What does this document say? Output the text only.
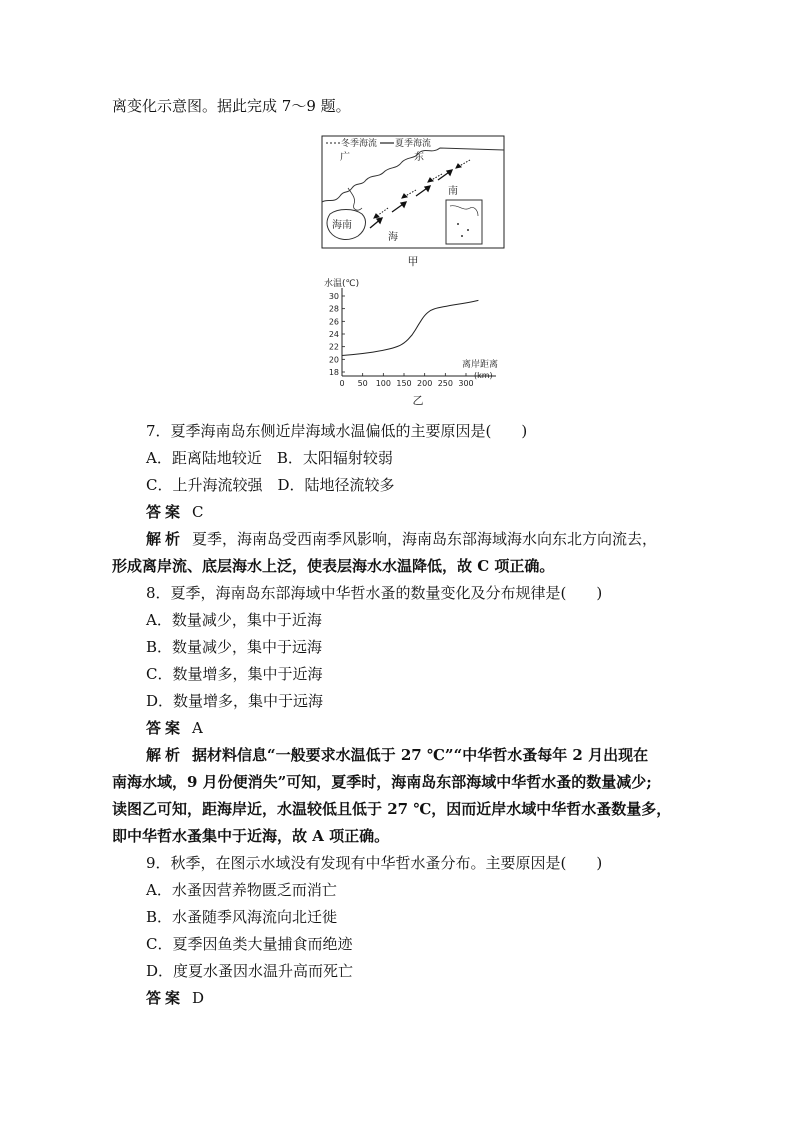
离变化示意图。据此完成 7～9 题。
冬季海流 夏季海流
广	东
海南
南
海
甲
水温(℃)
离岸距离
(km)
18
20
22
24
26
28
30
0 50 100 150 200 250 300
乙
7．夏季海南岛东侧近岸海域水温偏低的主要原因是(　　)
A．距离陆地较近　B．太阳辐射较弱
C．上升海流较强　D．陆地径流较多
答案 C
解析 夏季，海南岛受西南季风影响，海南岛东部海域海水向东北方向流去，
形成离岸流、底层海水上泛，使表层海水水温降低，故 C 项正确。
8．夏季，海南岛东部海域中华哲水蚤的数量变化及分布规律是(　　)
A．数量减少，集中于近海
B．数量减少，集中于远海
C．数量增多，集中于近海
D．数量增多，集中于远海
答案 A
解析 据材料信息“一般要求水温低于 27 ℃”“中华哲水蚤每年 2 月出现在
南海水域，9 月份便消失”可知，夏季时，海南岛东部海域中华哲水蚤的数量减少;
读图乙可知，距海岸近，水温较低且低于 27 ℃，因而近岸水域中华哲水蚤数量多，
即中华哲水蚤集中于近海，故 A 项正确。
9．秋季，在图示水域没有发现有中华哲水蚤分布。主要原因是(　　)
A．水蚤因营养物匮乏而消亡
B．水蚤随季风海流向北迁徙
C．夏季因鱼类大量捕食而绝迹
D．度夏水蚤因水温升高而死亡
答案 D
